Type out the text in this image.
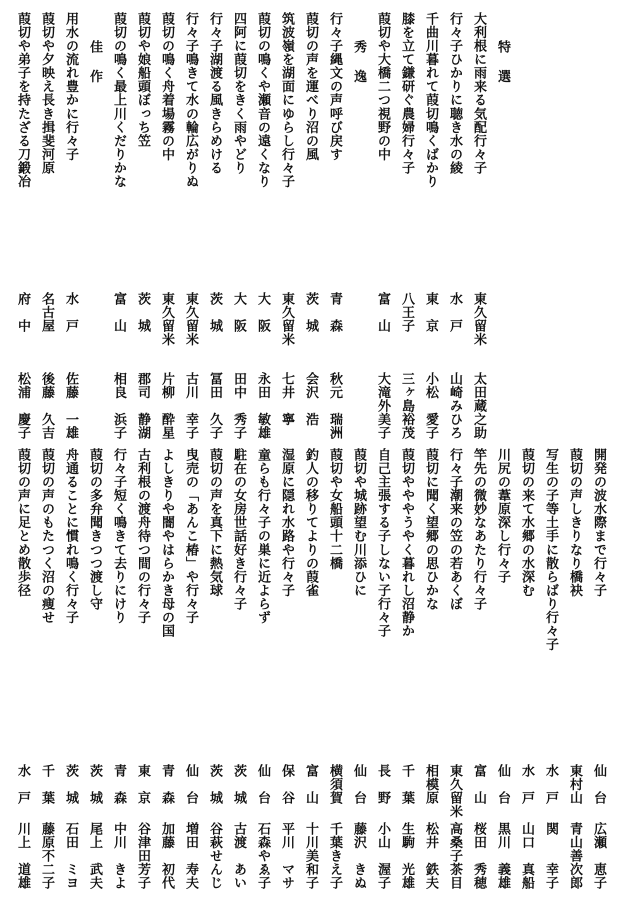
特 選
大利根に雨来る気配行々子
東久留米
太田蔵之助
行々子ひかりに聴き水の綾
水　戸
山崎みひろ
千曲川暮れて葭切鳴くばかり
東　京
小松　愛子
膝を立て鎌研ぐ農婦行々子
八王子
三ヶ島裕茂
葭切や大橋二つ視野の中
富　山
大滝外美子
秀 逸
行々子縄文の声呼び戻す
青　森
秋元　瑞洲
葭切の声を運べり沼の風
茨　城
会沢　浩
筑波嶺を湖面にゆらし行々子
東久留米
七井　寧
葭切の鳴くや瀬音の遠くなり
大　阪
永田　敏雄
四阿に葭切をきく雨やどり
大　阪
田中　秀子
行々子湖渡る風きらめける
茨　城
冨田　久子
行々子鳴きて水の輪広がりぬ
東久留米
古川　幸子
葭切の鳴く舟着場霧の中
東久留米
片柳　酔星
葭切や娘船頭ぼっち笠
茨　城
郡司　静湖
葭切の鳴く最上川くだりかな
富　山
相良　浜子
佳 作
用水の流れ豊かに行々子
水　戸
佐藤　一雄
葭切や夕映え長き揖斐河原
名古屋
後藤　久吉
葭切や弟子を持たざる刀鍛冶
府　中
松浦　慶子
開発の波水際まで行々子
仙　台
広瀬　恵子
葭切の声しきりなり橋袂
東村山
青山善次郎
写生の子等土手に散らばり行々子
水　戸
関　　幸子
葭切の来て水郷の水深む
水　戸
山口　真船
川尻の葦原深し行々子
仙　台
黒川　義雄
竿先の微妙なあたり行々子
富　山
桜田　秀穂
行々子潮来の笠の若あくぼ
東久留米
高桑子茶目
葭切に聞く望郷の思ひかな
相模原
松井　鉄夫
葭切やややうやく暮れし沼静か
千　葉
生駒　光雄
自己主張する子しない子行々子
長　野
小山　渥子
葭切や城跡望む川添ひに
仙　台
藤沢　きぬ
葭切や女船頭十二橋
横須賀
千葉きえ子
釣人の移りてよりの葭雀
富　山
十川美和子
湿原に隠れ水路や行々子
保　谷
平川　マサ
童らも行々子の巣に近よらず
仙　台
石森やゑ子
駐在の女房世話好き行々子
茨　城
古渡　あい
葭切の声を真下に熱気球
茨　城
谷萩せんじ
曳売の「あんこ椿」や行々子
仙　台
増田　寿夫
よしきりや闇やはらかき母の国
青　森
加藤　初代
古利根の渡舟待つ間の行々子
東　京
谷津田芳子
行々子短く鳴きて去りにけり
青　森
中川　きよ
葭切の多弁聞きつつ渡し守
茨　城
尾上　武夫
舟通ることに慣れ鳴く行々子
茨　城
石田　ミヨ
葭切の声のもたつく沼の痩せ
千　葉
藤原不二子
葭切の声に足とめ散歩径
水　戸
川上　道雄
